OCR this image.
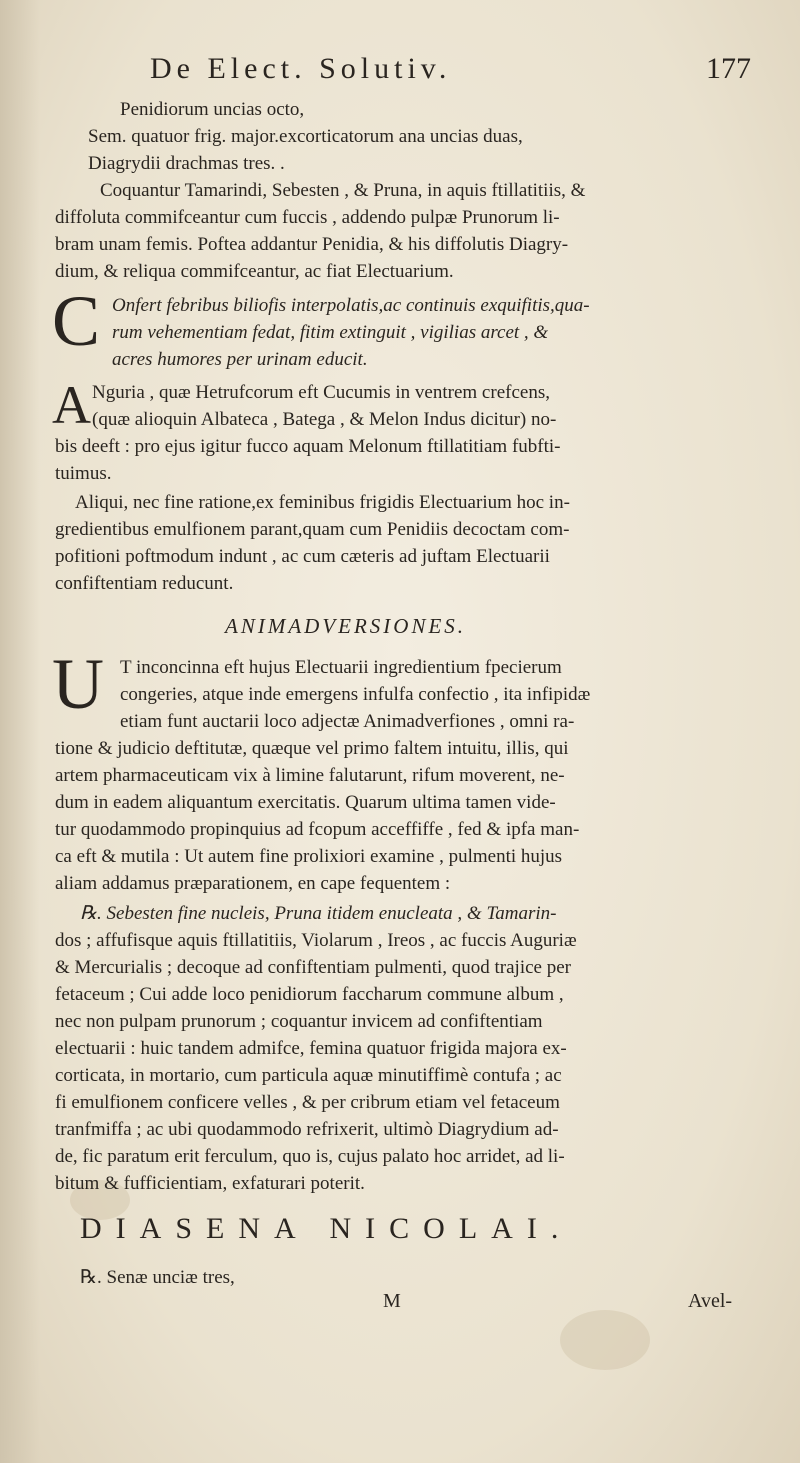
De Elect. Solutiv.	177
Penidiorum uncias octo,
Sem. quatuor frig. major.excorticatorum ana uncias duas,
Diagrydii drachmas tres. .
Coquantur Tamarindi, Sebesten , & Pruna, in aquis ftillatitiis, &
diffoluta commifceantur cum fuccis , addendo pulpæ Prunorum li-
bram unam femis. Poftea addantur Penidia, & his diffolutis Diagry-
dium, & reliqua commifceantur, ac fiat Electuarium.
C Onfert febribus biliofis interpolatis,ac continuis exquifitis,qua-
rum vehementiam fedat, fitim extinguit , vigilias arcet , &
acres humores per urinam educit.
A Nguria , quæ Hetrufcorum eft Cucumis in ventrem crefcens,
(quæ alioquin Albateca , Batega , & Melon Indus dicitur) no-
bis deeft : pro ejus igitur fucco aquam Melonum ftillatitiam fubfti-
tuimus.
Aliqui, nec fine ratione,ex feminibus frigidis Electuarium hoc in-
gredientibus emulfionem parant,quam cum Penidiis decoctam com-
pofitioni poftmodum indunt , ac cum cæteris ad juftam Electuarii
confiftentiam reducunt.
ANIMADVERSIONES.
U T inconcinna eft hujus Electuarii ingredientium fpecierum
congeries, atque inde emergens infulfa confectio , ita infipidæ
etiam funt auctarii loco adjectæ Animadverfiones , omni ra-
tione & judicio deftitutæ, quæque vel primo faltem intuitu, illis, qui
artem pharmaceuticam vix à limine falutarunt, rifum moverent, ne-
dum in eadem aliquantum exercitatis. Quarum ultima tamen vide-
tur quodammodo propinquius ad fcopum acceffiffe , fed & ipfa man-
ca eft & mutila : Ut autem fine prolixiori examine , pulmenti hujus
aliam addamus præparationem, en cape fequentem :
℞. Sebesten fine nucleis, Pruna itidem enucleata , & Tamarin-
dos ; affufisque aquis ftillatitiis, Violarum , Ireos , ac fuccis Auguriæ
& Mercurialis ; decoque ad confiftentiam pulmenti, quod trajice per
fetaceum ; Cui adde loco penidiorum faccharum commune album ,
nec non pulpam prunorum ; coquantur invicem ad confiftentiam
electuarii : huic tandem admifce, femina quatuor frigida majora ex-
corticata, in mortario, cum particula aquæ minutiffimè contufa ; ac
fi emulfionem conficere velles , & per cribrum etiam vel fetaceum
tranfmiffa ; ac ubi quodammodo refrixerit, ultimò Diagrydium ad-
de, fic paratum erit ferculum, quo is, cujus palato hoc arridet, ad li-
bitum & fufficientiam, exfaturari poterit.
DIASENA NICOLAI.
℞. Senæ unciæ tres,
M	Avel-
